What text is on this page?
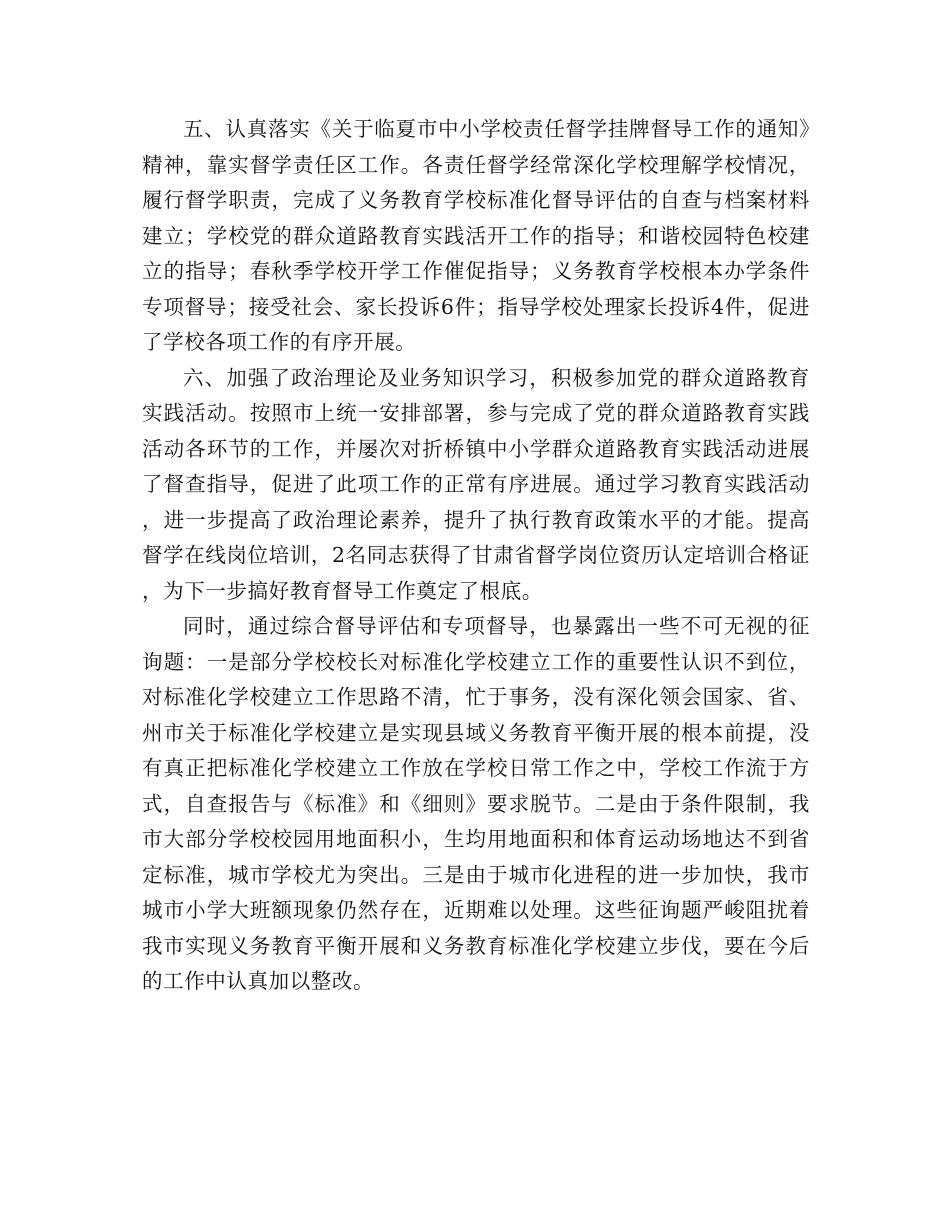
五、认真落实《关于临夏市中小学校责任督学挂牌督导工作的通知》精神，靠实督学责任区工作。各责任督学经常深化学校理解学校情况，履行督学职责，完成了义务教育学校标准化督导评估的自查与档案材料建立；学校党的群众道路教育实践活开工作的指导；和谐校园特色校建立的指导；春秋季学校开学工作催促指导；义务教育学校根本办学条件专项督导；接受社会、家长投诉6件；指导学校处理家长投诉4件，促进了学校各项工作的有序开展。

六、加强了政治理论及业务知识学习，积极参加党的群众道路教育实践活动。按照市上统一安排部署，参与完成了党的群众道路教育实践活动各环节的工作，并屡次对折桥镇中小学群众道路教育实践活动进展了督查指导，促进了此项工作的正常有序进展。通过学习教育实践活动，进一步提高了政治理论素养，提升了执行教育政策水平的才能。提高督学在线岗位培训，2名同志获得了甘肃省督学岗位资历认定培训合格证，为下一步搞好教育督导工作奠定了根底。

同时，通过综合督导评估和专项督导，也暴露出一些不可无视的征询题：一是部分学校校长对标准化学校建立工作的重要性认识不到位，对标准化学校建立工作思路不清，忙于事务，没有深化领会国家、省、州市关于标准化学校建立是实现县域义务教育平衡开展的根本前提，没有真正把标准化学校建立工作放在学校日常工作之中，学校工作流于方式，自查报告与《标准》和《细则》要求脱节。二是由于条件限制，我市大部分学校校园用地面积小，生均用地面积和体育运动场地达不到省定标准，城市学校尤为突出。三是由于城市化进程的进一步加快，我市城市小学大班额现象仍然存在，近期难以处理。这些征询题严峻阻扰着我市实现义务教育平衡开展和义务教育标准化学校建立步伐，要在今后的工作中认真加以整改。
